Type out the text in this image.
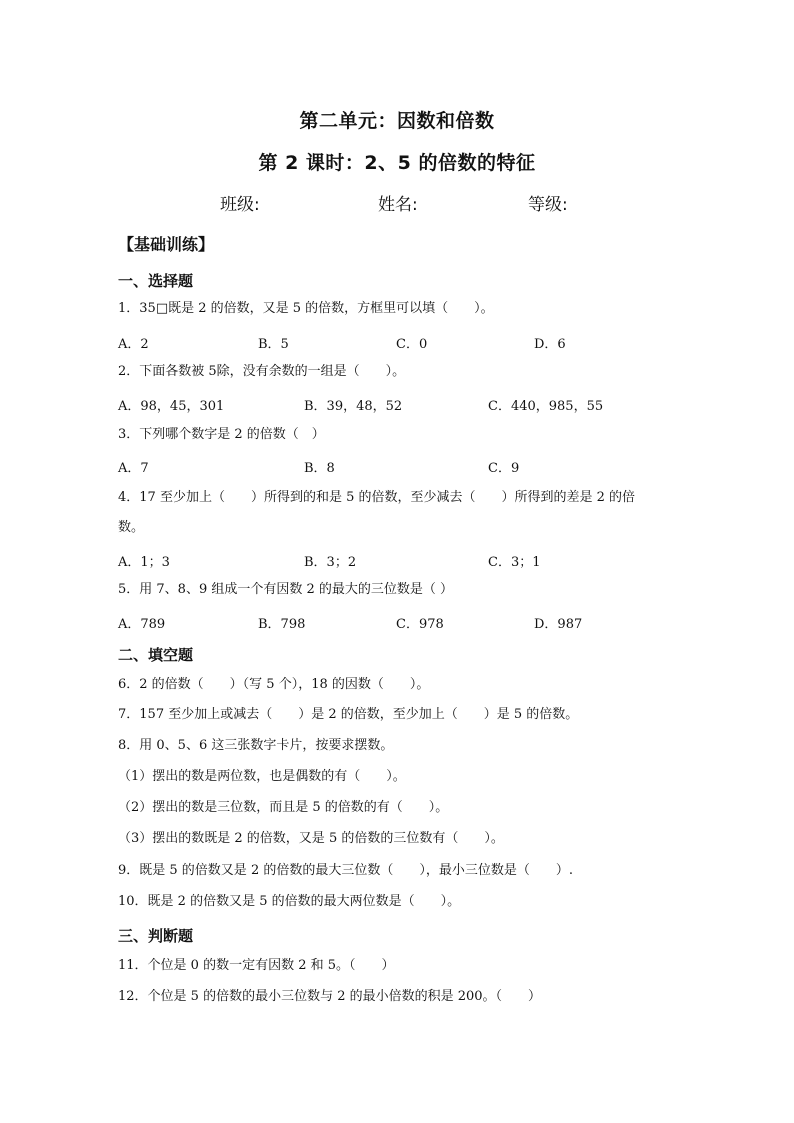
第二单元：因数和倍数
第 2 课时：2、5 的倍数的特征
班级:	姓名:	等级:
【基础训练】
一、选择题
1．35□既是 2 的倍数，又是 5 的倍数，方框里可以填（　　）。
A．2	B．5	C．0	D．6
2．下面各数被 5除，没有余数的一组是（　　）。
A．98，45，301	B．39，48，52	C．440，985，55
3．下列哪个数字是 2 的倍数（　）
A．7	B．8	C．9
4．17 至少加上（　　）所得到的和是 5 的倍数，至少减去（　　）所得到的差是 2 的倍
数。
A．1；3	B．3；2	C．3；1
5．用 7、8、9 组成一个有因数 2 的最大的三位数是（ ）
A．789	B．798	C．978	D．987
二、填空题
6．2 的倍数（　　）（写 5 个），18 的因数（　　）。
7．157 至少加上或减去（　　）是 2 的倍数，至少加上（　　）是 5 的倍数。
8．用 0、5、6 这三张数字卡片，按要求摆数。
（1）摆出的数是两位数，也是偶数的有（　　）。
（2）摆出的数是三位数，而且是 5 的倍数的有（　　）。
（3）摆出的数既是 2 的倍数，又是 5 的倍数的三位数有（　　）。
9．既是 5 的倍数又是 2 的倍数的最大三位数（　　），最小三位数是（　　）.
10．既是 2 的倍数又是 5 的倍数的最大两位数是（　　）。
三、判断题
11．个位是 0 的数一定有因数 2 和 5。（　　）
12．个位是 5 的倍数的最小三位数与 2 的最小倍数的积是 200。（　　）
